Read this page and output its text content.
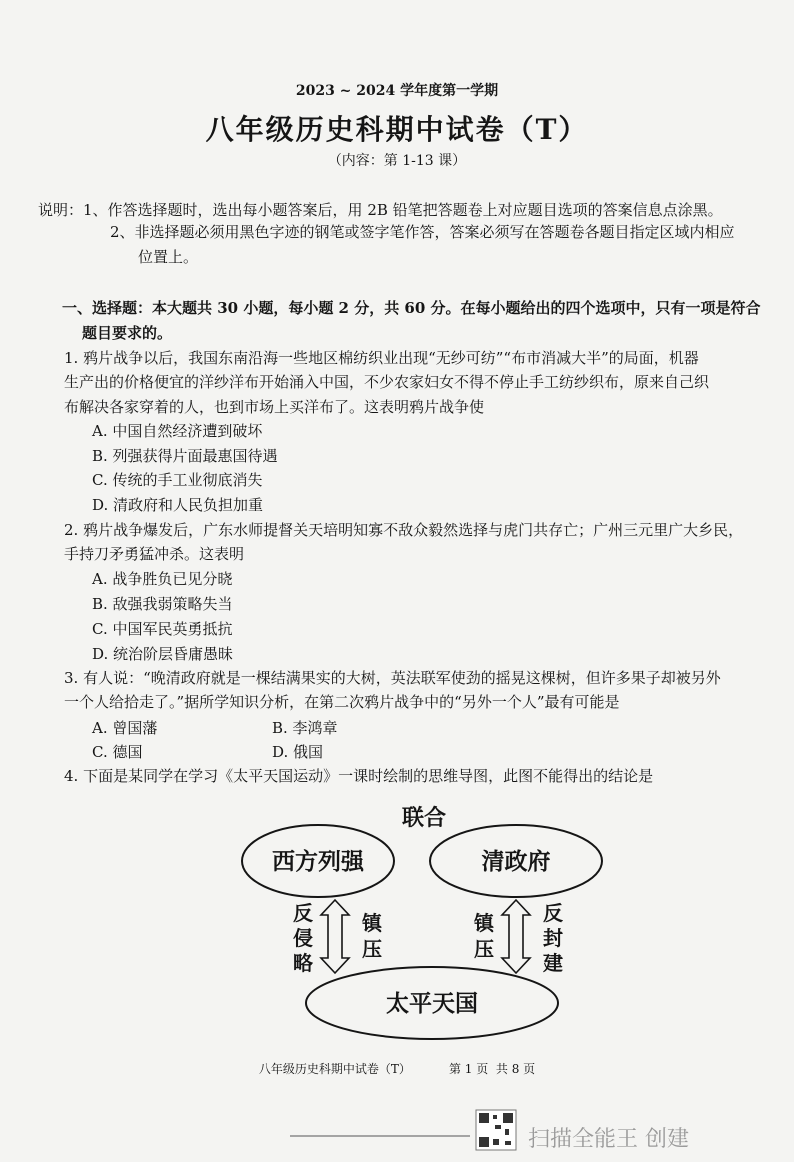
2023 ~ 2024 学年度第一学期
八年级历史科期中试卷（T）
（内容：第 1-13 课）
说明：1、作答选择题时，选出每小题答案后，用 2B 铅笔把答题卷上对应题目选项的答案信息点涂黑。
2、非选择题必须用黑色字迹的钢笔或签字笔作答，答案必须写在答题卷各题目指定区域内相应
位置上。
一、选择题：本大题共 30 小题，每小题 2 分，共 60 分。在每小题给出的四个选项中，只有一项是符合
题目要求的。
1. 鸦片战争以后，我国东南沿海一些地区棉纺织业出现“无纱可纺”“布市消减大半”的局面，机器
生产出的价格便宜的洋纱洋布开始涌入中国，不少农家妇女不得不停止手工纺纱织布，原来自己织
布解决各家穿着的人，也到市场上买洋布了。这表明鸦片战争使
A. 中国自然经济遭到破坏
B. 列强获得片面最惠国待遇
C. 传统的手工业彻底消失
D. 清政府和人民负担加重
2. 鸦片战争爆发后，广东水师提督关天培明知寡不敌众毅然选择与虎门共存亡；广州三元里广大乡民，
手持刀矛勇猛冲杀。这表明
A. 战争胜负已见分晓
B. 敌强我弱策略失当
C. 中国军民英勇抵抗
D. 统治阶层昏庸愚昧
3. 有人说：“晚清政府就是一棵结满果实的大树，英法联军使劲的摇晃这棵树，但许多果子却被另外
一个人给拾走了。”据所学知识分析，在第二次鸦片战争中的“另外一个人”最有可能是
A. 曾国藩	B. 李鸿章
C. 德国	D. 俄国
4. 下面是某同学在学习《太平天国运动》一课时绘制的思维导图，此图不能得出的结论是
联合
西方列强	清政府
太平天国
反
侵
略
镇
压
镇
压
反
封
建
八年级历史科期中试卷（T）          第 1 页  共 8 页
扫描全能王 创建
